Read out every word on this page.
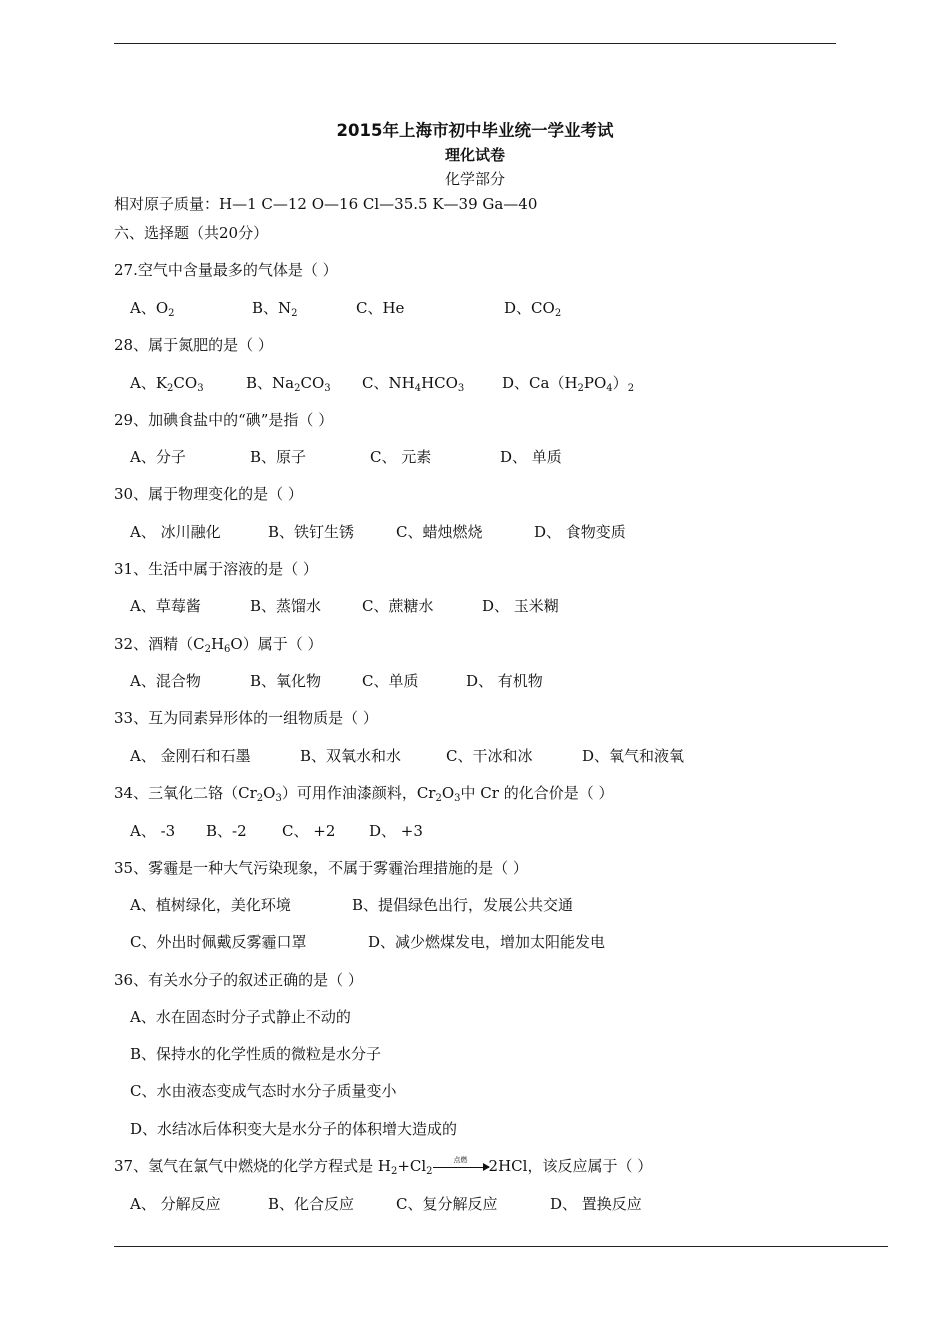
2015年上海市初中毕业统一学业考试
理化试卷
化学部分
相对原子质量：H—1 C—12 O—16 Cl—35.5 K—39 Ga—40
六、选择题（共20分）
27.空气中含量最多的气体是（ ）
A、$O_2$	B、$N_2$	C、He	D、$CO_2$
28、属于氮肥的是（ ）
A、$K_2CO_3$	B、$Na_2CO_3$ C、$NH_4HCO_3$	D、$Ca(H_2PO_4)_2$
29、加碘食盐中的“碘”是指（ ）
A、分子	B、原子	C、 元素	D、 单质
30、属于物理变化的是（ ）
A、 冰川融化	B、铁钉生锈	C、蜡烛燃烧	D、 食物变质
31、生活中属于溶液的是（ ）
A、草莓酱	B、蒸馏水	C、蔗糖水	D、 玉米糊
32、酒精$(C_2H_6O)$属于（ ）
A、混合物	B、氧化物	C、单质	D、 有机物
33、互为同素异形体的一组物质是（ ）
A、 金刚石和石墨	B、双氧水和水	C、干冰和冰	D、氧气和液氧
34、三氧化二铬$(Cr_2O_3)$可用作油漆颜料，$Cr_2O_3$中 Cr 的化合价是（ ）
A、 -3 B、-2 C、 +2 D、 +3
35、雾霾是一种大气污染现象，不属于雾霾治理措施的是（ ）
A、植树绿化，美化环境	B、提倡绿色出行，发展公共交通
C、外出时佩戴反雾霾口罩	D、减少燃煤发电，增加太阳能发电
36、有关水分子的叙述正确的是（ ）
A、水在固态时分子式静止不动的
B、保持水的化学性质的微粒是水分子
C、水由液态变成气态时水分子质量变小
D、水结冰后体积变大是水分子的体积增大造成的
37、氢气在氯气中燃烧的化学方程式是 $H_2+Cl_2$
点燃	2HCl，该反应属于（ ）
A、 分解反应	B、化合反应	C、复分解反应	D、 置换反应
